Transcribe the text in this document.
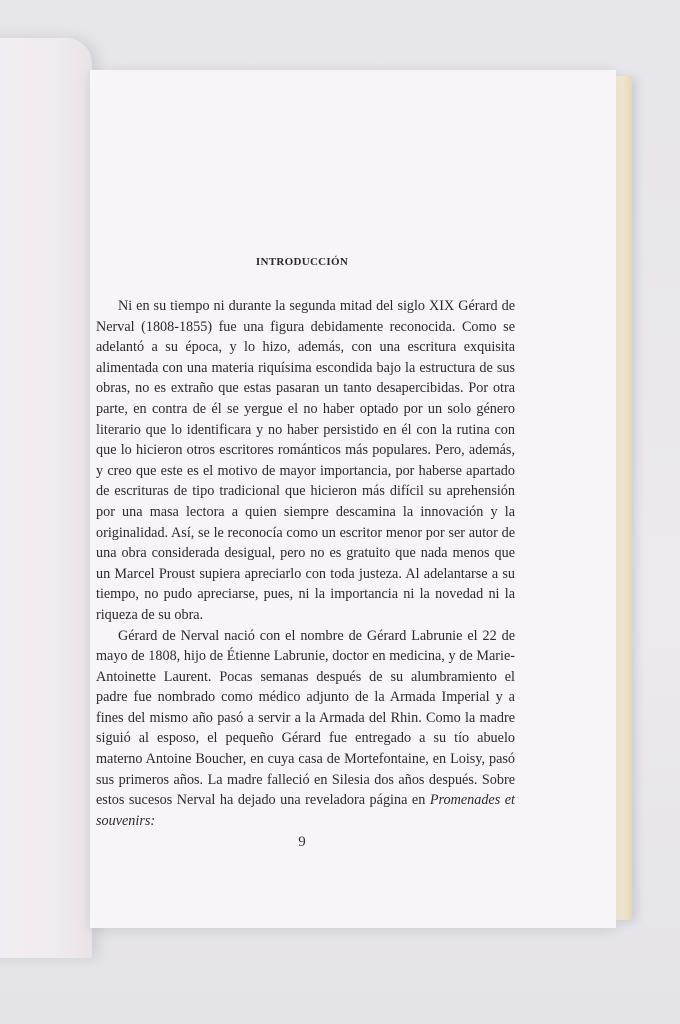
INTRODUCCIÓN

Ni en su tiempo ni durante la segunda mitad del siglo XIX Gérard de Nerval (1808-1855) fue una figura debidamente reconocida. Como se adelantó a su época, y lo hizo, además, con una escritura exquisita alimentada con una materia riquísima escondida bajo la estructura de sus obras, no es extraño que estas pasaran un tanto desapercibidas. Por otra parte, en contra de él se yergue el no haber optado por un solo género literario que lo identificara y no haber persistido en él con la rutina con que lo hicieron otros escritores románticos más populares. Pero, además, y creo que este es el motivo de mayor importancia, por haberse apartado de escrituras de tipo tradicional que hicieron más difícil su aprehensión por una masa lectora a quien siempre descamina la innovación y la originalidad. Así, se le reconocía como un escritor menor por ser autor de una obra considerada desigual, pero no es gratuito que nada menos que un Marcel Proust supiera apreciarlo con toda justeza. Al adelantarse a su tiempo, no pudo apreciarse, pues, ni la importancia ni la novedad ni la riqueza de su obra.

Gérard de Nerval nació con el nombre de Gérard Labrunie el 22 de mayo de 1808, hijo de Étienne Labrunie, doctor en medicina, y de Marie-Antoinette Laurent. Pocas semanas después de su alumbramiento el padre fue nombrado como médico adjunto de la Armada Imperial y a fines del mismo año pasó a servir a la Armada del Rhin. Como la madre siguió al esposo, el pequeño Gérard fue entregado a su tío abuelo materno Antoine Boucher, en cuya casa de Mortefontaine, en Loisy, pasó sus primeros años. La madre falleció en Silesia dos años después. Sobre estos sucesos Nerval ha dejado una reveladora página en Promenades et souvenirs:

9
